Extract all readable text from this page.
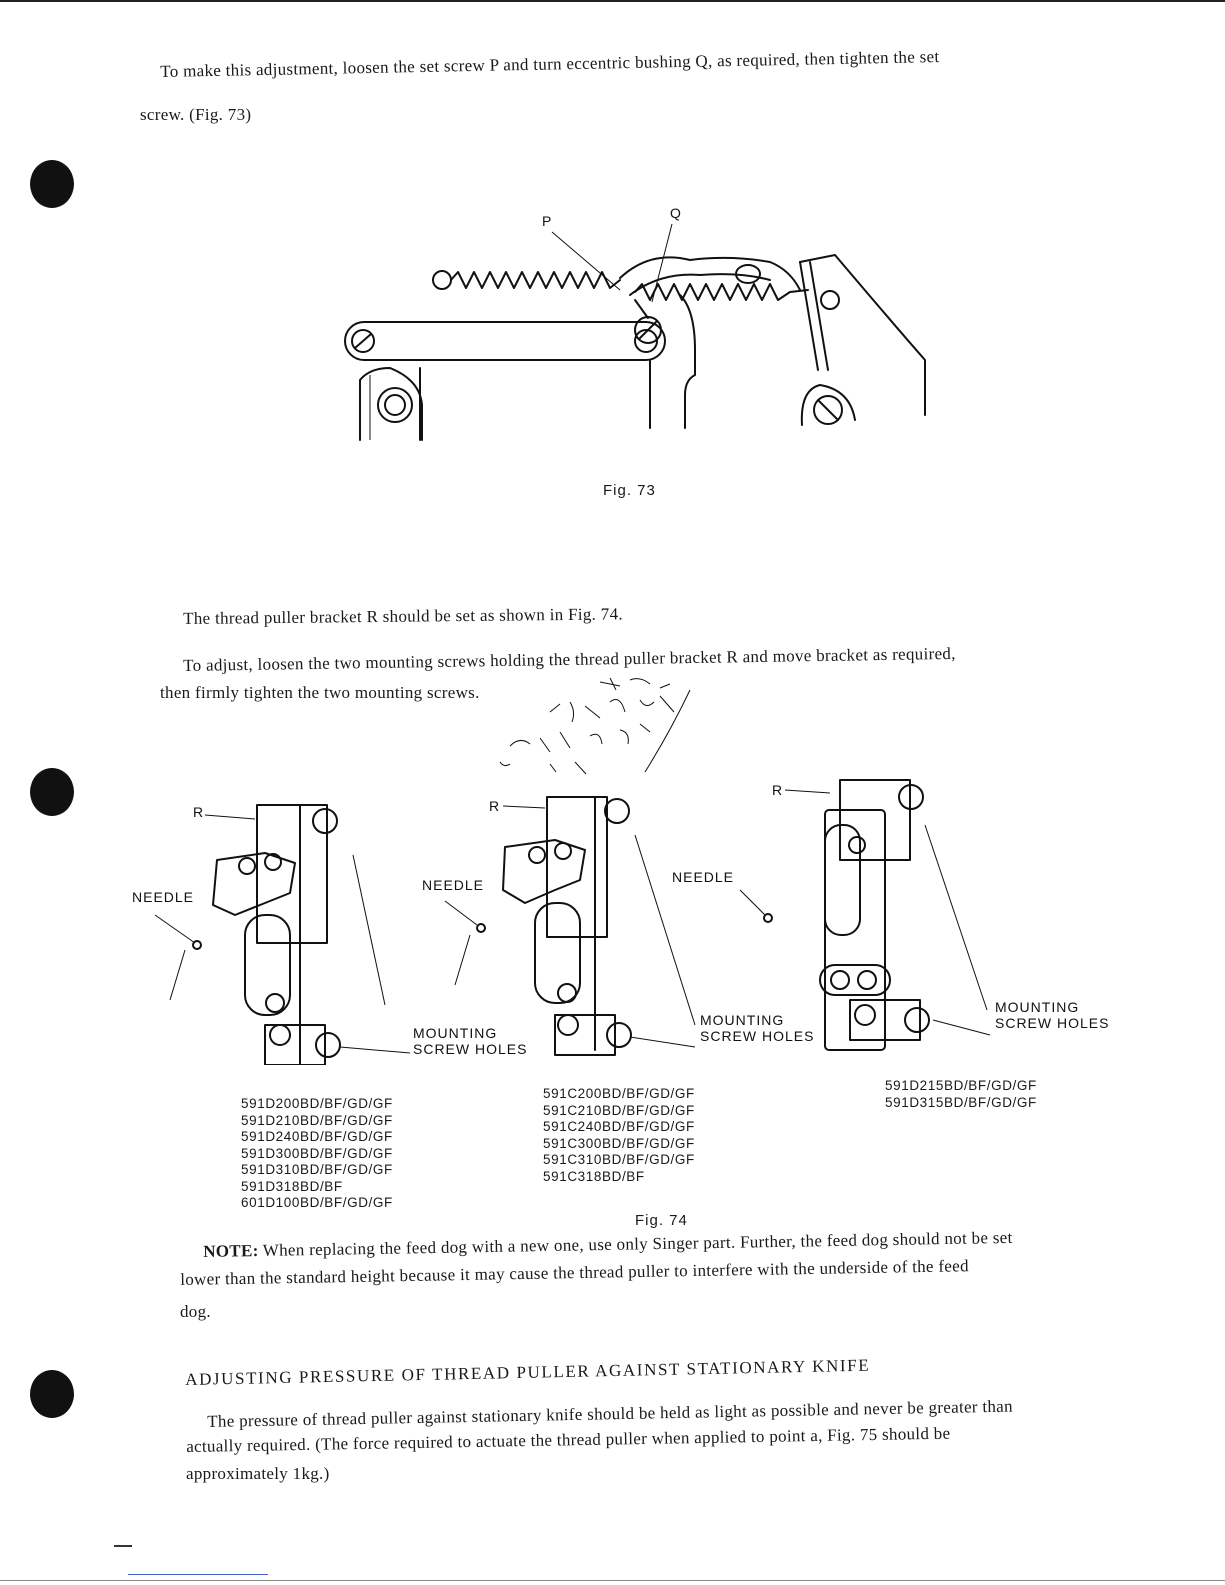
To make this adjustment, loosen the set screw P and turn eccentric bushing Q, as required, then tighten the set
screw. (Fig. 73)
P	Q
Fig. 73
The thread puller bracket R should be set as shown in Fig. 74.
To adjust, loosen the two mounting screws holding the thread puller bracket R and move bracket as required,
then firmly tighten the two mounting screws.
R
NEEDLE
MOUNTING
SCREW HOLES
R
NEEDLE
MOUNTING
SCREW HOLES
R
NEEDLE
MOUNTING
SCREW HOLES
591D200BD/BF/GD/GF
591D210BD/BF/GD/GF
591D240BD/BF/GD/GF
591D300BD/BF/GD/GF
591D310BD/BF/GD/GF
591D318BD/BF
601D100BD/BF/GD/GF
591C200BD/BF/GD/GF
591C210BD/BF/GD/GF
591C240BD/BF/GD/GF
591C300BD/BF/GD/GF
591C310BD/BF/GD/GF
591C318BD/BF
591D215BD/BF/GD/GF
591D315BD/BF/GD/GF
Fig. 74
NOTE: When replacing the feed dog with a new one, use only Singer part. Further, the feed dog should not be set
lower than the standard height because it may cause the thread puller to interfere with the underside of the feed
dog.
ADJUSTING PRESSURE OF THREAD PULLER AGAINST STATIONARY KNIFE
The pressure of thread puller against stationary knife should be held as light as possible and never be greater than
actually required. (The force required to actuate the thread puller when applied to point a, Fig. 75 should be
approximately 1kg.)
